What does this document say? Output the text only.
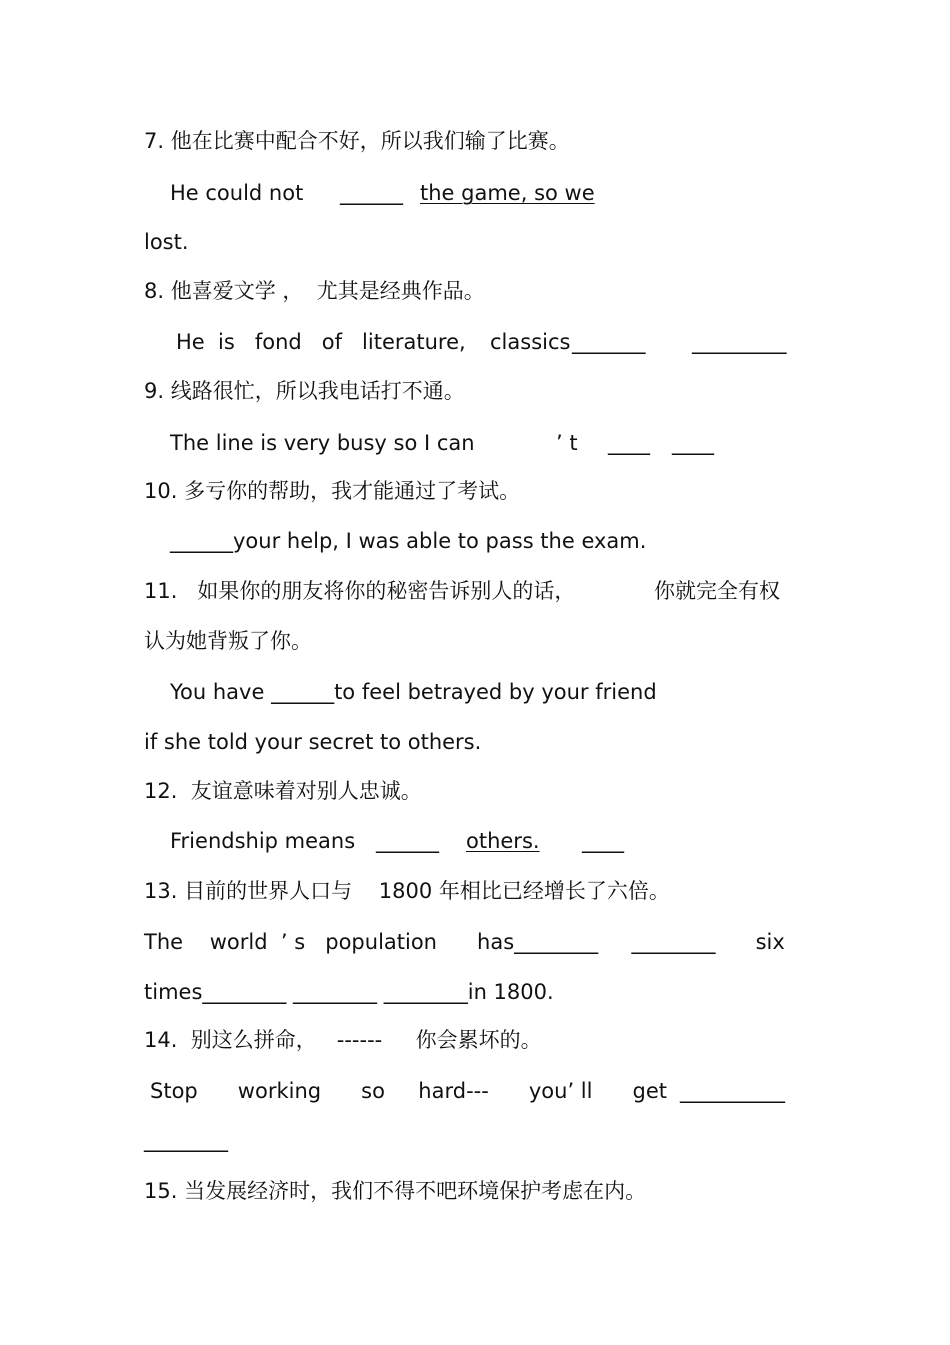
7. 他在比赛中配合不好，所以我们输了比赛。
He could not ______ the game, so we
lost.
8. 他喜爱文学 ，  尤其是经典作品。
He  is   fond   of   literature, classics _______ _________
9. 线路很忙，所以我电话打不通。
The line is very busy so I can	’ t ____ ____
10. 多亏你的帮助，我才能通过了考试。
______your help, I was able to pass the exam.
11.   如果你的朋友将你的秘密告诉别人的话，	你就完全有权
认为她背叛了你。
You have ______to feel betrayed by your friend
if she told your secret to others.
12.  友谊意味着对别人忠诚。
Friendship means ______ others. ____
13. 目前的世界人口与    1800 年相比已经增长了六倍。
The    world  ’ s   population      has________     ________      six
times________ ________ ________in 1800.
14.  别这么拼命，   ------     你会累坏的。
Stop      working      so     hard---      you’ ll      get __________
________
15. 当发展经济时，我们不得不吧环境保护考虑在内。
